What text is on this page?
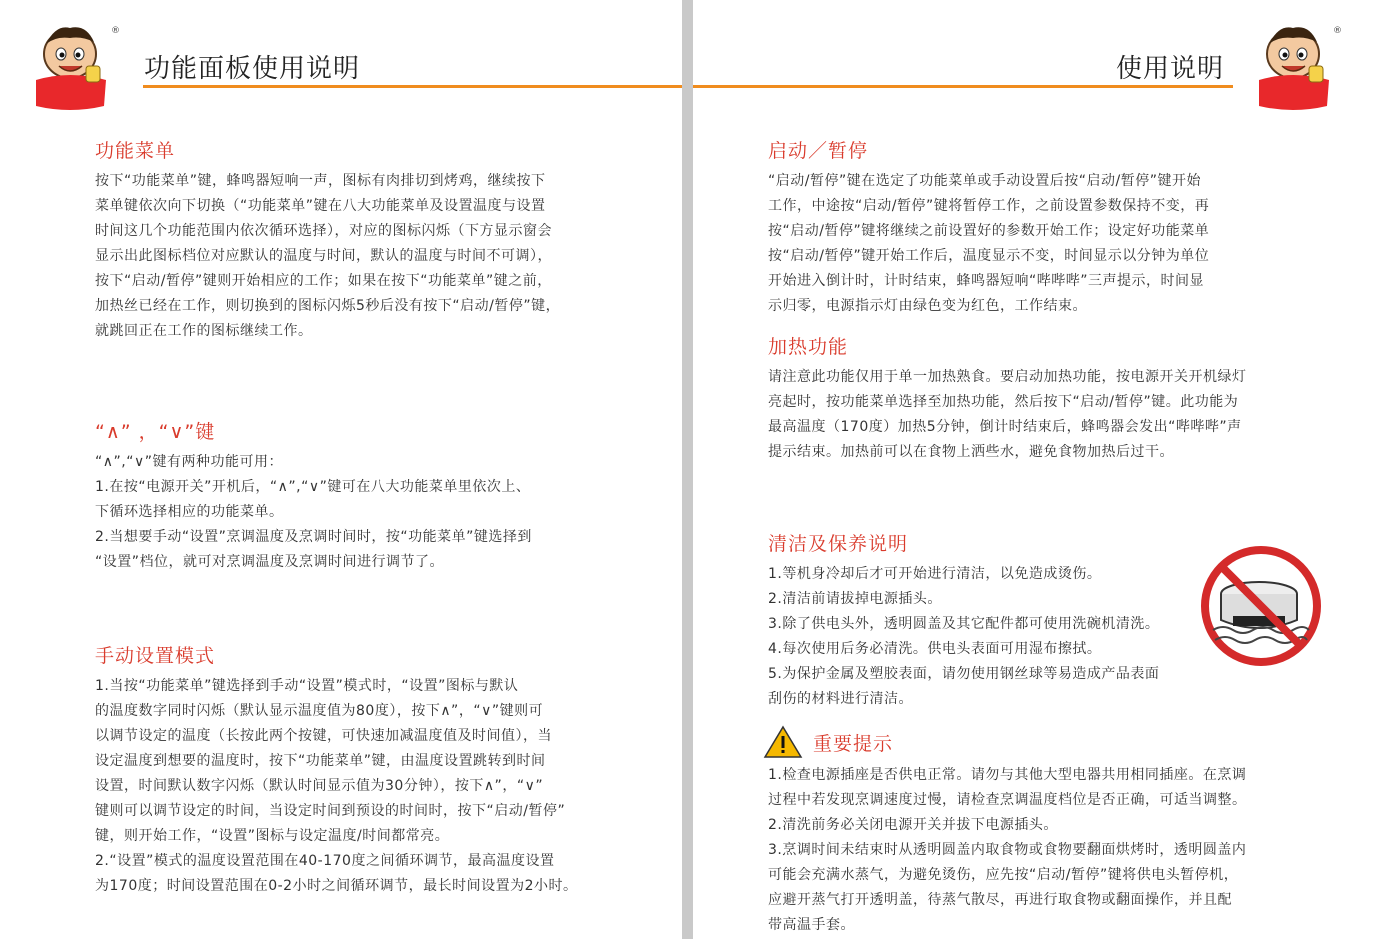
®
功能面板使用说明
功能菜单
按下“功能菜单”键，蜂鸣器短响一声，图标有肉排切到烤鸡，继续按下
菜单键依次向下切换（“功能菜单”键在八大功能菜单及设置温度与设置
时间这几个功能范围内依次循环选择），对应的图标闪烁（下方显示窗会
显示出此图标档位对应默认的温度与时间，默认的温度与时间不可调），
按下“启动/暂停”键则开始相应的工作；如果在按下“功能菜单”键之前，
加热丝已经在工作，则切换到的图标闪烁5秒后没有按下“启动/暂停”键，
就跳回正在工作的图标继续工作。
“∧” ，“∨”键
“∧”,“∨”键有两种功能可用：
1.在按“电源开关”开机后，“∧”,“∨”键可在八大功能菜单里依次上、
下循环选择相应的功能菜单。
2.当想要手动“设置”烹调温度及烹调时间时，按“功能菜单”键选择到
“设置”档位，就可对烹调温度及烹调时间进行调节了。
手动设置模式
1.当按“功能菜单”键选择到手动“设置”模式时，“设置”图标与默认
的温度数字同时闪烁（默认显示温度值为80度），按下∧”，“∨”键则可
以调节设定的温度（长按此两个按键，可快速加减温度值及时间值），当
设定温度到想要的温度时，按下“功能菜单”键，由温度设置跳转到时间
设置，时间默认数字闪烁（默认时间显示值为30分钟），按下∧”，“∨”
键则可以调节设定的时间，当设定时间到预设的时间时，按下“启动/暂停”
键，则开始工作，“设置”图标与设定温度/时间都常亮。
2.“设置”模式的温度设置范围在40-170度之间循环调节，最高温度设置
为170度；时间设置范围在0-2小时之间循环调节，最长时间设置为2小时。
使用说明
®
启动／暂停
“启动/暂停”键在选定了功能菜单或手动设置后按“启动/暂停”键开始
工作，中途按“启动/暂停”键将暂停工作，之前设置参数保持不变，再
按“启动/暂停”键将继续之前设置好的参数开始工作；设定好功能菜单
按“启动/暂停”键开始工作后，温度显示不变，时间显示以分钟为单位
开始进入倒计时，计时结束，蜂鸣器短响“哔哔哔”三声提示，时间显
示归零，电源指示灯由绿色变为红色，工作结束。
加热功能
请注意此功能仅用于单一加热熟食。要启动加热功能，按电源开关开机绿灯
亮起时，按功能菜单选择至加热功能，然后按下“启动/暂停”键。此功能为
最高温度（170度）加热5分钟，倒计时结束后，蜂鸣器会发出“哔哔哔”声
提示结束。加热前可以在食物上洒些水，避免食物加热后过干。
清洁及保养说明
1.等机身冷却后才可开始进行清洁，以免造成烫伤。
2.清洁前请拔掉电源插头。
3.除了供电头外，透明圆盖及其它配件都可使用洗碗机清洗。
4.每次使用后务必清洗。供电头表面可用湿布擦拭。
5.为保护金属及塑胶表面，请勿使用钢丝球等易造成产品表面
刮伤的材料进行清洁。
重要提示
1.检查电源插座是否供电正常。请勿与其他大型电器共用相同插座。在烹调
过程中若发现烹调速度过慢，请检查烹调温度档位是否正确，可适当调整。
2.清洗前务必关闭电源开关并拔下电源插头。
3.烹调时间未结束时从透明圆盖内取食物或食物要翻面烘烤时，透明圆盖内
可能会充满水蒸气，为避免烫伤，应先按“启动/暂停”键将供电头暂停机，
应避开蒸气打开透明盖，待蒸气散尽，再进行取食物或翻面操作，并且配
带高温手套。
